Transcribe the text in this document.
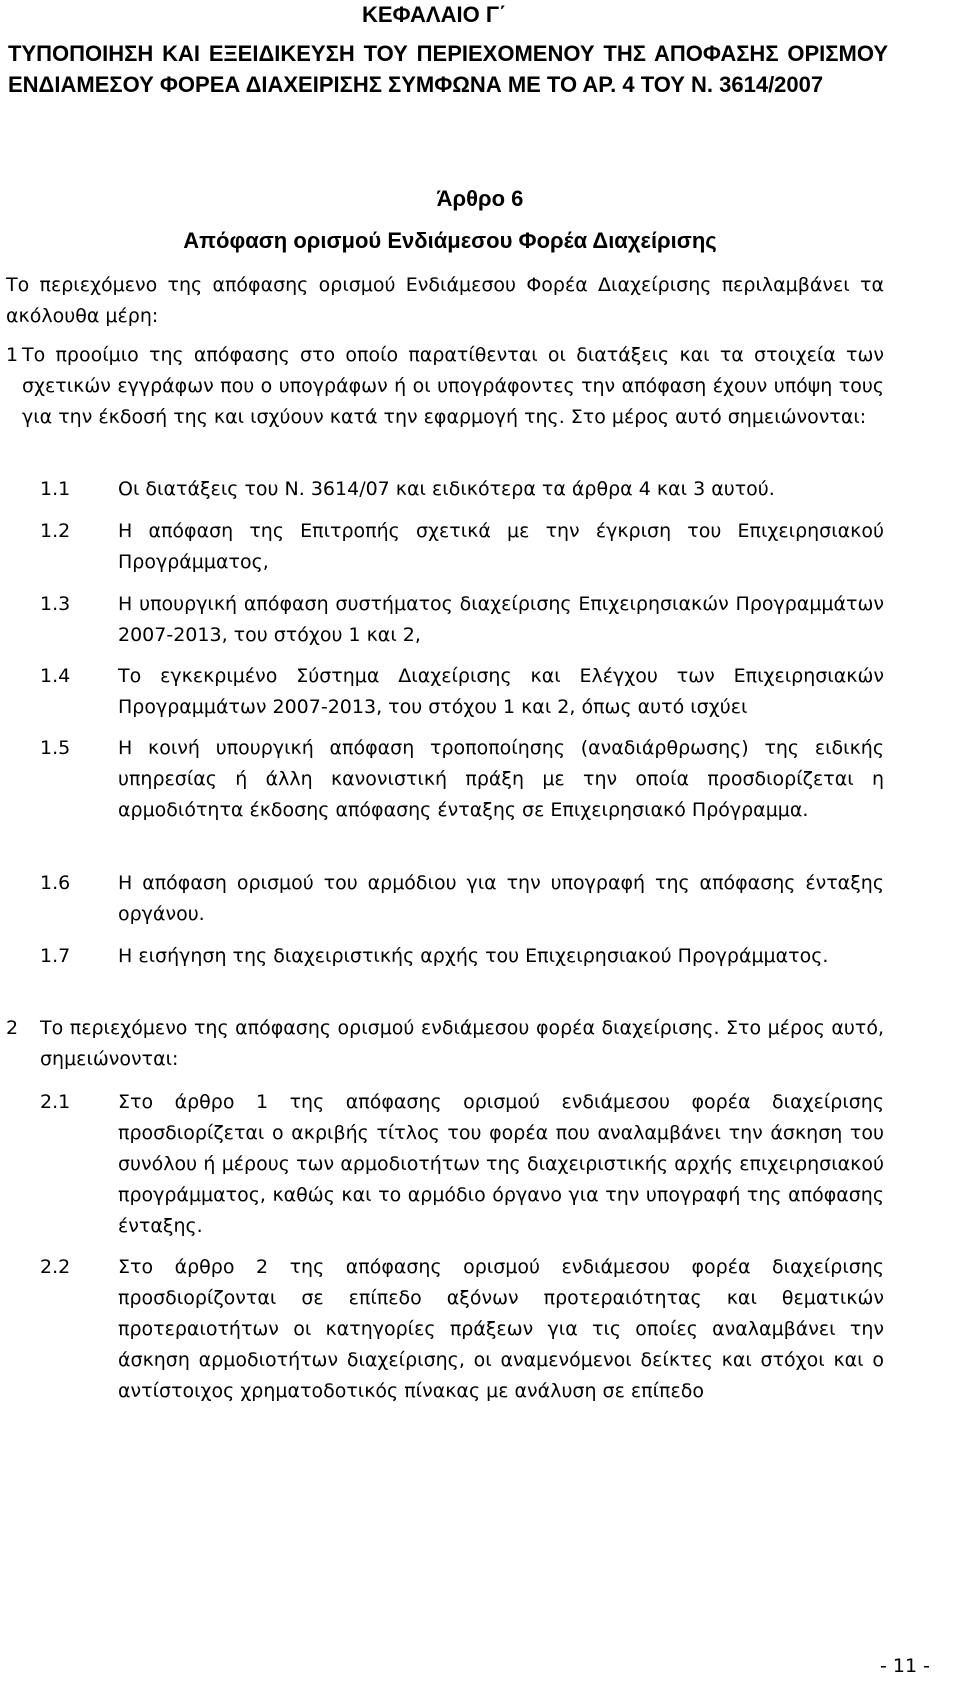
ΚΕΦΑΛΑΙΟ Γ΄
ΤΥΠΟΠΟΙΗΣΗ ΚΑΙ ΕΞΕΙΔΙΚΕΥΣΗ ΤΟΥ ΠΕΡΙΕΧΟΜΕΝΟΥ ΤΗΣ ΑΠΟΦΑΣΗΣ ΟΡΙΣΜΟΥ ΕΝΔΙΑΜΕΣΟΥ ΦΟΡΕΑ ΔΙΑΧΕΙΡΙΣΗΣ ΣΥΜΦΩΝΑ ΜΕ ΤΟ ΑΡ. 4 ΤΟΥ Ν. 3614/2007
Άρθρο 6
Απόφαση ορισμού Ενδιάμεσου Φορέα Διαχείρισης
Το περιεχόμενο της απόφασης ορισμού Ενδιάμεσου Φορέα Διαχείρισης περιλαμβάνει τα ακόλουθα μέρη:
1 Το προοίμιο της απόφασης στο οποίο παρατίθενται οι διατάξεις και τα στοιχεία των σχετικών εγγράφων που ο υπογράφων ή οι υπογράφοντες την απόφαση έχουν υπόψη τους για την έκδοσή της και ισχύουν κατά την εφαρμογή της. Στο μέρος αυτό σημειώνονται:
1.1	Οι διατάξεις του Ν. 3614/07 και ειδικότερα τα άρθρα 4 και 3 αυτού.
1.2	Η απόφαση της Επιτροπής σχετικά με την έγκριση του Επιχειρησιακού Προγράμματος,
1.3	Η υπουργική απόφαση συστήματος διαχείρισης Επιχειρησιακών Προγραμμάτων 2007-2013, του στόχου 1 και 2,
1.4	Το εγκεκριμένο Σύστημα Διαχείρισης και Ελέγχου των Επιχειρησιακών Προγραμμάτων 2007-2013, του στόχου 1 και 2, όπως αυτό ισχύει
1.5	Η κοινή υπουργική απόφαση τροποποίησης (αναδιάρθρωσης) της ειδικής υπηρεσίας ή άλλη κανονιστική πράξη με την οποία προσδιορίζεται η αρμοδιότητα έκδοσης απόφασης ένταξης σε Επιχειρησιακό Πρόγραμμα.
1.6	Η απόφαση ορισμού του αρμόδιου για την υπογραφή της απόφασης ένταξης οργάνου.
1.7	Η εισήγηση της διαχειριστικής αρχής του Επιχειρησιακού Προγράμματος.
2 Το περιεχόμενο της απόφασης ορισμού ενδιάμεσου φορέα διαχείρισης. Στο μέρος αυτό, σημειώνονται:
2.1	Στο άρθρο 1 της απόφασης ορισμού ενδιάμεσου φορέα διαχείρισης προσδιορίζεται ο ακριβής τίτλος του φορέα που αναλαμβάνει την άσκηση του συνόλου ή μέρους των αρμοδιοτήτων της διαχειριστικής αρχής επιχειρησιακού προγράμματος, καθώς και το αρμόδιο όργανο για την υπογραφή της απόφασης ένταξης.
2.2	Στο άρθρο 2 της απόφασης ορισμού ενδιάμεσου φορέα διαχείρισης προσδιορίζονται σε επίπεδο αξόνων προτεραιότητας και θεματικών προτεραιοτήτων οι κατηγορίες πράξεων για τις οποίες αναλαμβάνει την άσκηση αρμοδιοτήτων διαχείρισης, οι αναμενόμενοι δείκτες και στόχοι και ο αντίστοιχος χρηματοδοτικός πίνακας με ανάλυση σε επίπεδο
- 11 -
